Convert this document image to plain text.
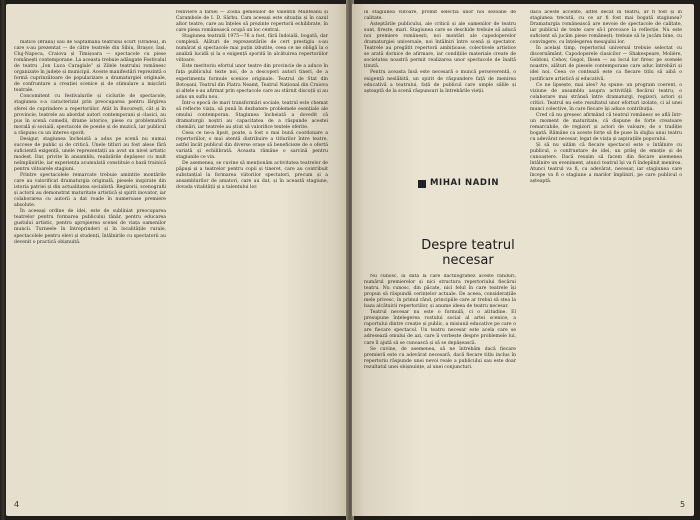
matice (Brăila) sau de Săptămâna teatrului scurt (Oradea), în care s-au prezentat — de către teatrele din Sibiu, Brașov, Iași, Cluj-Napoca, Craiova și Timișoara — spectacole cu piese românești contemporane. La aceasta trebuie adăugate Festivalul de teatru „Ion Luca Caragiale” și Zilele teatrului românesc organizate în județe și municipii. Aceste manifestări reprezintă o formă cuprinzătoare de popularizare a dramaturgiei originale, de confruntare a creației scenice și de stimulare a mișcării teatrale.

Concomitent cu festivalurile și ciclurile de spectacole, stagiunea s-a caracterizat prin preocuparea pentru lărgirea sferei de cuprindere a repertoriilor. Atât în București, cât și în provincie, teatrele au abordat autori contemporani și clasici, au pus în scenă comedii, drame istorice, piese cu problematică morală și socială, spectacole de poezie și de muzică, iar publicul a răspuns cu un interes sporit.

Desigur, stagiunea încheiată a adus pe scenă nu numai succese de public și de critică. Unele titluri au fost alese fără suficientă exigență, unele reprezentații au avut un nivel artistic modest. Dar, privite în ansamblu, realizările depășesc cu mult neîmplinirile, iar experiența acumulată constituie o bază trainică pentru viitoarele stagiuni.

Printre spectacolele remarcate trebuie amintite montările care au valorificat dramaturgia originală, piesele inspirate din istoria patriei și din actualitatea socialistă. Regizorii, scenografii și actorii au demonstrat maturitate artistică și spirit inovator, iar colaborarea cu autorii a dat roade în numeroase premiere absolute.

În aceeași ordine de idei, este de subliniat preocuparea teatrelor pentru formarea publicului tânăr, pentru educarea gustului artistic, pentru apropierea scenei de viața oamenilor muncii. Turneele în întreprinderi și în localitățile rurale, spectacolele pentru elevi și studenți, întâlnirile cu spectatorii au devenit o practică obișnuită.

reinviere a farsei — Zodia gemenilor de Valentin Munteanu și Carambole de I. D. Sârbu. Cam aceeași este situația și în cazul altor teatre, care au înțeles să prezinte repertorii echilibrate, în care piesa românească ocupă un loc central.

Stagiunea teatrală 1975—76 a fost, fără îndoială, bogată, dar complexă. Alături de reprezentările de cert prestigiu s-au numărat și spectacole mai puțin izbutite, ceea ce ne obligă la o analiză lucidă și la o exigență sporită în alcătuirea repertoriilor viitoare.

Este meritoriu efortul unor teatre din provincie de a aduce în fața publicului texte noi, de a descoperi autori tineri, de a experimenta formule scenice originale. Teatrul de Stat din Botoșani, Teatrul din Piatra Neamț, Teatrul Național din Craiova și altele s-au afirmat prin spectacole care au stârnit discuții și au adus un suflu nou.

Într-o epocă de mari transformări sociale, teatrul este chemat să reflecte viața, să pună în dezbatere problemele esențiale ale omului contemporan. Stagiunea încheiată a dovedit că dramaturgii noștri au capacitatea de a răspunde acestei chemări, iar teatrele au știut să valorifice textele oferite.

Ceea ce ne-a lipsit, poate, a fost o mai bună coordonare a repertoriilor, o mai atentă distribuire a titlurilor între teatre, astfel încât publicul din diverse orașe să beneficieze de o ofertă variată și echilibrată. Aceasta rămâne o sarcină pentru stagiunile ce vin.

De asemenea, se cuvine să menționăm activitatea teatrelor de păpuși și a teatrelor pentru copii și tineret, care au contribuit substanțial la formarea viitorilor spectatori, precum și a ansamblurilor de amatori, care au dat, și în această stagiune, dovada vitalității și a talentului lor.

4

în stagiunea viitoare, promit selecția unor noi sezoane de calitate.

Așteptările publicului, ale criticii și ale oamenilor de teatru sunt, firește, mari. Stagiunea care se deschide trebuie să aducă noi premiere românești, noi montări ale capodoperelor dramaturgiei universale, noi întâlniri între scenă și spectator. Teatrele au pregătit repertorii ambițioase, colectivele artistice se arată dornice de afirmare, iar condițiile materiale create de societatea noastră permit realizarea unor spectacole de înaltă ținută.

Pentru aceasta însă este necesară o muncă perseverentă, o exigență neslăbită, un spirit de răspundere față de menirea educativă a teatrului, față de publicul care umple sălile și așteaptă de la scenă răspunsuri la întrebările vieții.

MIHAI NADIN
Despre teatrul necesar

Nu cunosc, la data la care dactilografiez aceste rânduri, numărul premierelor și nici structura repertoriului fiecărui teatru. Nu cunosc, din păcate, nici felul în care teatrele își propun să răspundă cerințelor actuale. De aceea, considerațiile mele privesc, în primul rând, principiile care ar trebui să stea la baza alcătuirii repertoriilor, și anume ideea de teatru necesar.

Teatrul necesar nu este o formulă, ci o atitudine. El presupune înțelegerea rostului social al artei scenice, a raportului dintre creație și public, a misiunii educative pe care o are fiecare spectacol. Un teatru necesar este acela care se adresează omului de azi, care îi vorbește despre problemele lui, care îl ajută să se cunoască și să se depășească.

Se cuvine, de asemenea, să ne întrebăm dacă fiecare premieră este cu adevărat necesară, dacă fiecare titlu inclus în repertoriu răspunde unei nevoi reale a publicului sau este doar rezultatul unei obișnuințe, al unei conjuncturi.

dacă aceste accente, altfel decât în teatru, ar fi fost și în stagiunea trecută, cu ce ar fi fost mai bogată stagiunea? Dramaturgia românească are nevoie de spectacole de calitate, iar publicul de texte care să-l provoace la reflecție. Nu este suficient să jucăm piese românești; trebuie să le jucăm bine, cu convingere, cu înțelegerea mesajului lor.

În același timp, repertoriul universal trebuie selectat cu discernământ. Capodoperele clasicilor — Shakespeare, Molière, Goldoni, Cehov, Gogol, Ibsen — au locul lor firesc pe scenele noastre, alături de piesele contemporane care aduc întrebări și idei noi. Ceea ce contează este ca fiecare titlu să aibă o justificare artistică și educativă.

Ce ne lipsește, mai ales? Aș spune: un program coerent, o viziune de ansamblu asupra activității fiecărui teatru, o colaborare mai strânsă între dramaturgi, regizori, actori și critici. Teatrul nu este rezultatul unor eforturi izolate, ci al unei munci colective, în care fiecare își aduce contribuția.

Cred că nu greșesc afirmând că teatrul românesc se află într-un moment de maturitate, că dispune de forțe creatoare remarcabile, de regizori și actori de valoare, de o tradiție bogată. Rămâne ca aceste forțe să fie puse în slujba unui teatru cu adevărat necesar, legat de viața și aspirațiile poporului.

Și să nu uităm că fiecare spectacol este o întâlnire cu publicul, o confruntare de idei, un prilej de emoție și de cunoaștere. Dacă reușim să facem din fiecare asemenea întâlnire un eveniment, atunci teatrul își va fi îndeplinit menirea. Atunci teatrul va fi, cu adevărat, necesar, iar stagiunea care începe va fi o stagiune a marilor împliniri, pe care publicul o așteaptă.

5
